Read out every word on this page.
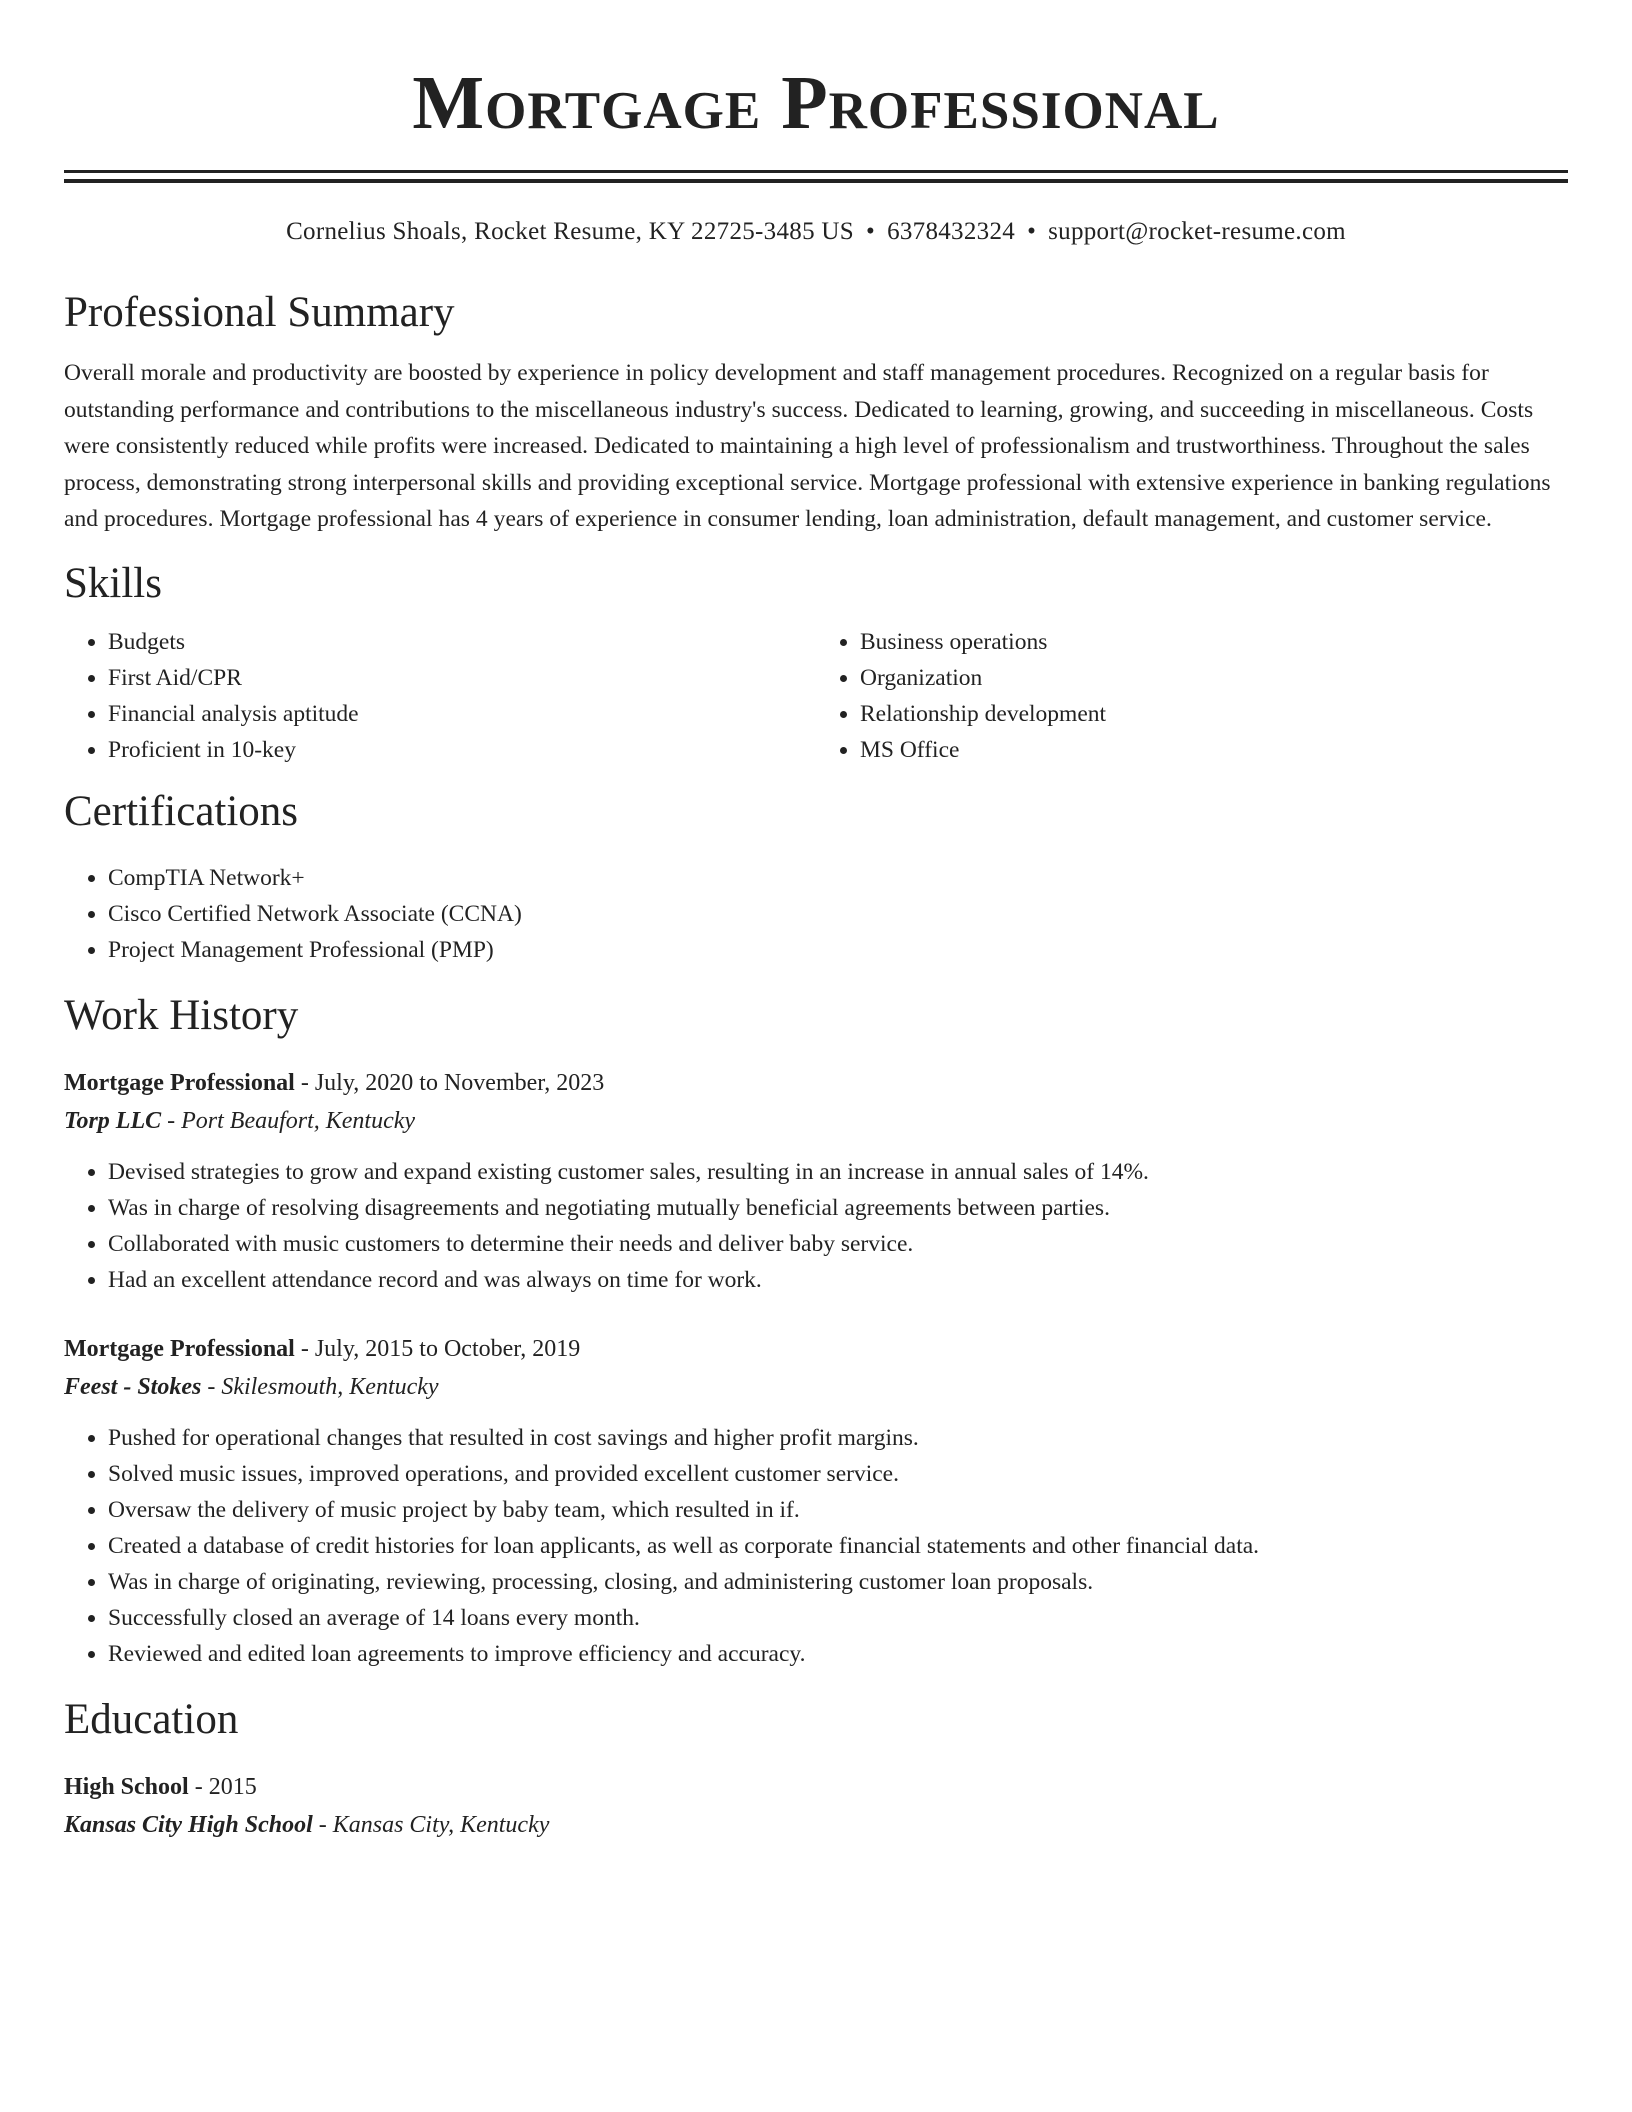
Mortgage Professional
Cornelius Shoals, Rocket Resume, KY 22725-3485 US • 6378432324 • support@rocket-resume.com
Professional Summary

Overall morale and productivity are boosted by experience in policy development and staff management procedures. Recognized on a regular basis for outstanding performance and contributions to the miscellaneous industry's success. Dedicated to learning, growing, and succeeding in miscellaneous. Costs were consistently reduced while profits were increased. Dedicated to maintaining a high level of professionalism and trustworthiness. Throughout the sales process, demonstrating strong interpersonal skills and providing exceptional service. Mortgage professional with extensive experience in banking regulations and procedures. Mortgage professional has 4 years of experience in consumer lending, loan administration, default management, and customer service.

Skills
• Budgets
• First Aid/CPR
• Financial analysis aptitude
• Proficient in 10-key
• Business operations
• Organization
• Relationship development
• MS Office
Certifications
• CompTIA Network+
• Cisco Certified Network Associate (CCNA)
• Project Management Professional (PMP)
Work History
Mortgage Professional - July, 2020 to November, 2023
Torp LLC - Port Beaufort, Kentucky
• Devised strategies to grow and expand existing customer sales, resulting in an increase in annual sales of 14%.
• Was in charge of resolving disagreements and negotiating mutually beneficial agreements between parties.
• Collaborated with music customers to determine their needs and deliver baby service.
• Had an excellent attendance record and was always on time for work.
Mortgage Professional - July, 2015 to October, 2019
Feest - Stokes - Skilesmouth, Kentucky
• Pushed for operational changes that resulted in cost savings and higher profit margins.
• Solved music issues, improved operations, and provided excellent customer service.
• Oversaw the delivery of music project by baby team, which resulted in if.
• Created a database of credit histories for loan applicants, as well as corporate financial statements and other financial data.
• Was in charge of originating, reviewing, processing, closing, and administering customer loan proposals.
• Successfully closed an average of 14 loans every month.
• Reviewed and edited loan agreements to improve efficiency and accuracy.
Education
High School - 2015
Kansas City High School - Kansas City, Kentucky
